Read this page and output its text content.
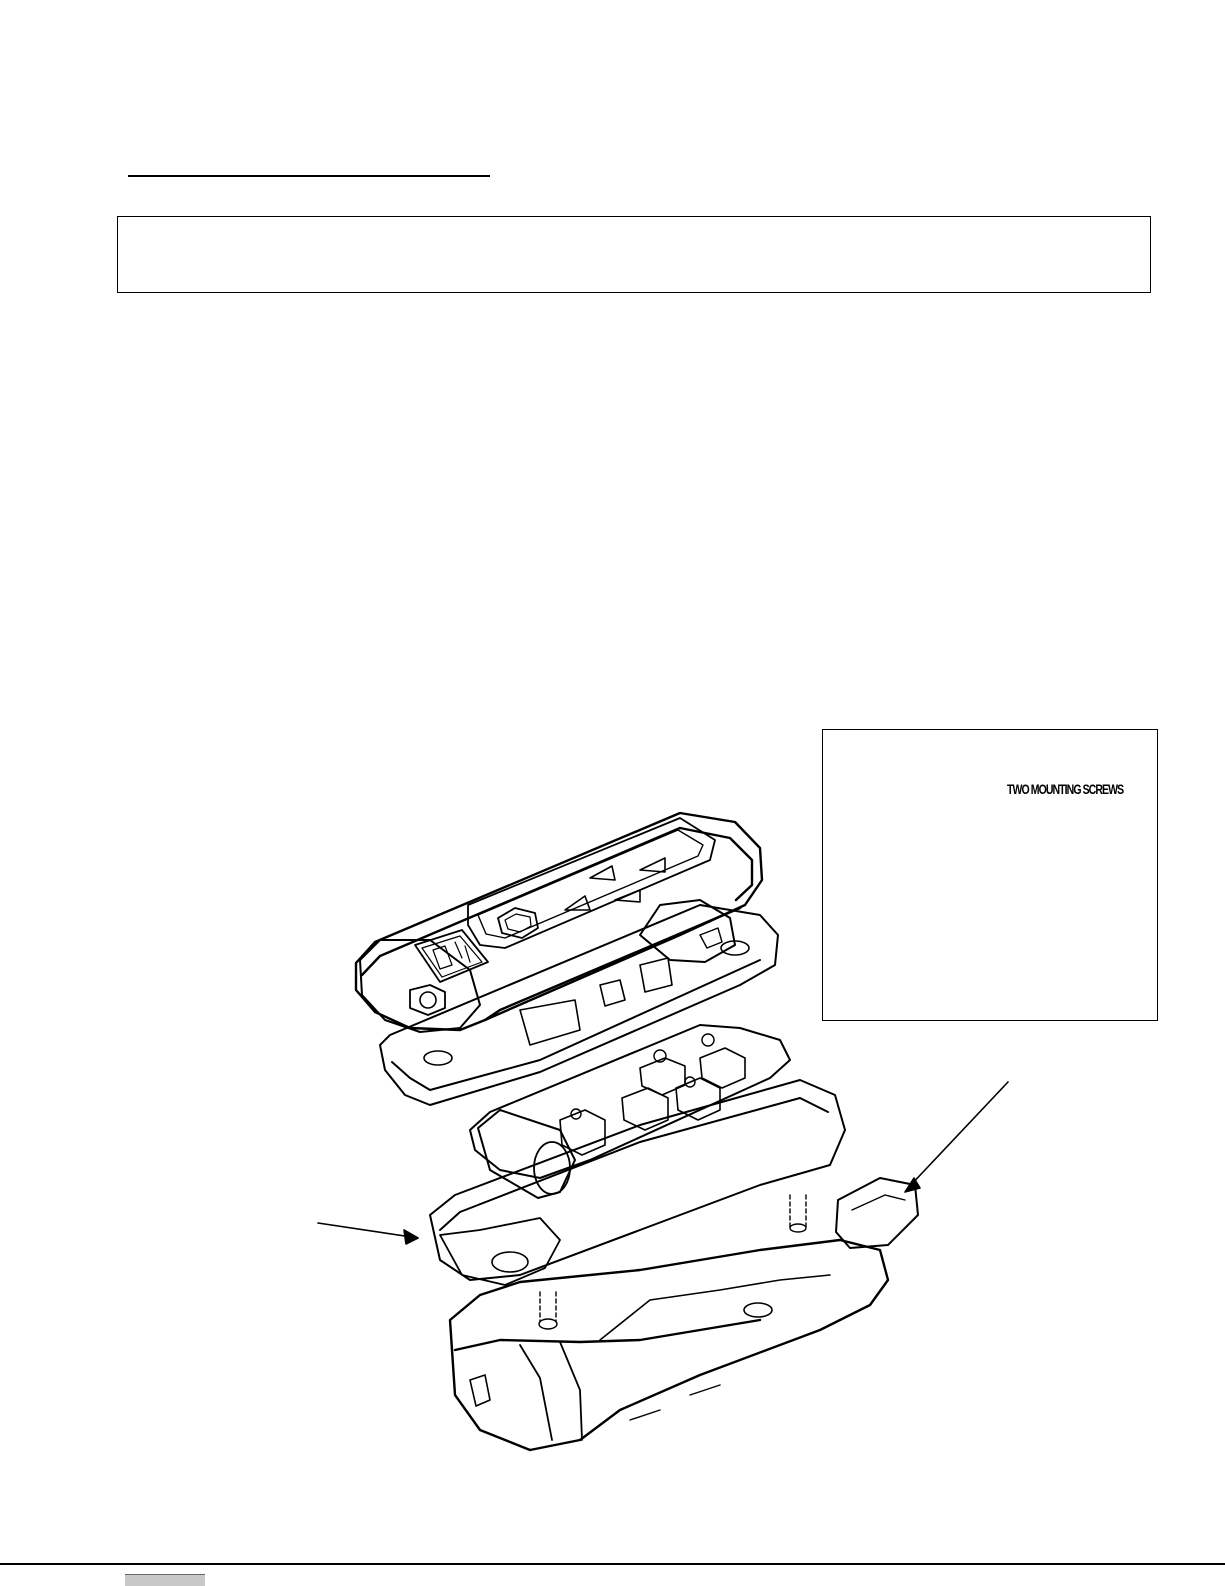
TWO MOUNTING SCREWS
